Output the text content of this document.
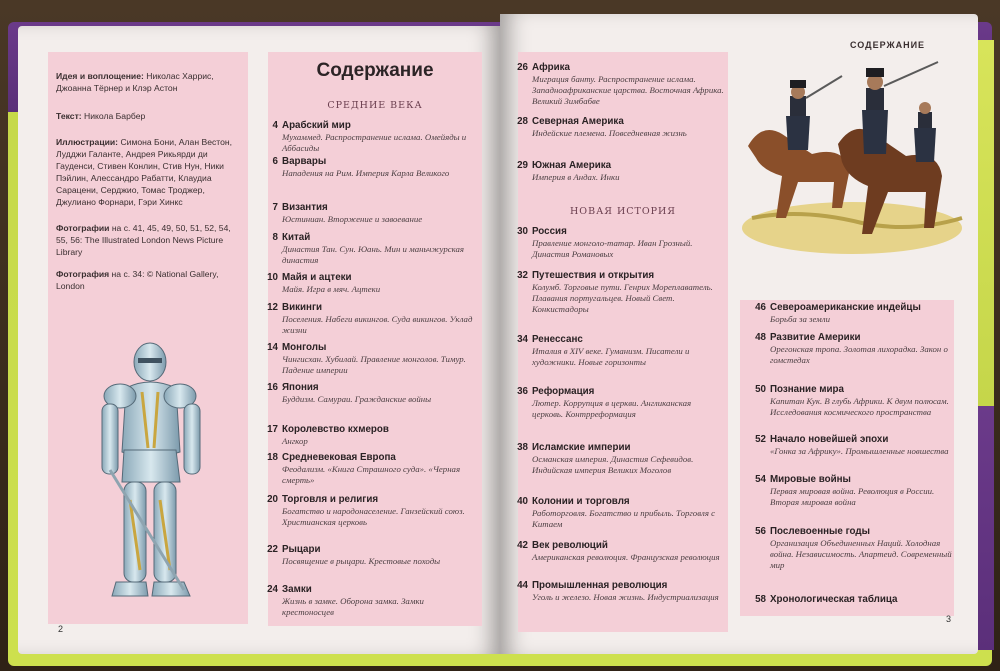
Идея и воплощение: Николас Харрис, Джоанна Тёрнер и Клэр Астон

Текст: Никола Барбер

Иллюстрации: Симона Бони, Алан Вестон, Лудджи Галанте, Андрея Рикьярди ди Гауденси, Стивен Конлин, Стив Нун, Ники Пэйлин, Алессандро Рабатти, Клаудиа Сарацени, Серджио, Томас Троджер, Джулиано Форнари, Гэри Хинкс

Фотографии на с. 41, 45, 49, 50, 51, 52, 54, 55, 56: The Illustrated London News Picture Library

Фотография на с. 34: © National Gallery, London

Содержание
СРЕДНИЕ ВЕКА
4 Арабский мир
Мухаммед. Распространение ислама. Омейяды и Аббасиды
6 Варвары
Нападения на Рим. Империя Карла Великого
7 Византия
Юстиниан. Вторжение и завоевание
8 Китай
Династия Тан. Сун. Юань. Мин и маньчжурская династия
10 Майя и ацтеки
Майя. Игра в мяч. Ацтеки
12 Викинги
Поселения. Набеги викингов. Суда викингов. Уклад жизни
14 Монголы
Чингисхан. Хубилай. Правление монголов. Тимур. Падение империи
16 Япония
Буддизм. Самураи. Гражданские войны
17 Королевство кхмеров
Ангкор
18 Средневековая Европа
Феодализм. «Книга Страшного суда». «Черная смерть»
20 Торговля и религия
Богатство и народонаселение. Ганзейский союз. Христианская церковь
22 Рыцари
Посвящение в рыцари. Крестовые походы
24 Замки
Жизнь в замке. Оборона замка. Замки крестоносцев
СОДЕРЖАНИЕ
26 Африка
Миграция банту. Распространение ислама. Западноафриканские царства. Восточная Африка. Великий Зимбабве
28 Северная Америка
Индейские племена. Повседневная жизнь
29 Южная Америка
Империя в Андах. Инки
НОВАЯ ИСТОРИЯ
30 Россия
Правление монголо-татар. Иван Грозный. Династия Романовых
32 Путешествия и открытия
Колумб. Торговые пути. Генрих Мореплаватель. Плавания португальцев. Новый Свет. Конкистадоры
34 Ренессанс
Италия в XIV веке. Гуманизм. Писатели и художники. Новые горизонты
36 Реформация
Лютер. Коррупция в церкви. Англиканская церковь. Контрреформация
38 Исламские империи
Османская империя. Династия Сефевидов. Индийская империя Великих Моголов
40 Колонии и торговля
Работорговля. Богатство и прибыль. Торговля с Китаем
42 Век революций
Американская революция. Французская революция
44 Промышленная революция
Уголь и железо. Новая жизнь. Индустриализация
46 Североамериканские индейцы
Борьба за земли
48 Развитие Америки
Орегонская тропа. Золотая лихорадка. Закон о гомстедах
50 Познание мира
Капитан Кук. В глубь Африки. К двум полюсам. Исследования космического пространства
52 Начало новейшей эпохи
«Гонка за Африку». Промышленные новшества
54 Мировые войны
Первая мировая война. Революция в России. Вторая мировая война
56 Послевоенные годы
Организация Объединенных Наций. Холодная война. Независимость. Апартеид. Современный мир
58 Хронологическая таблица
2
3
